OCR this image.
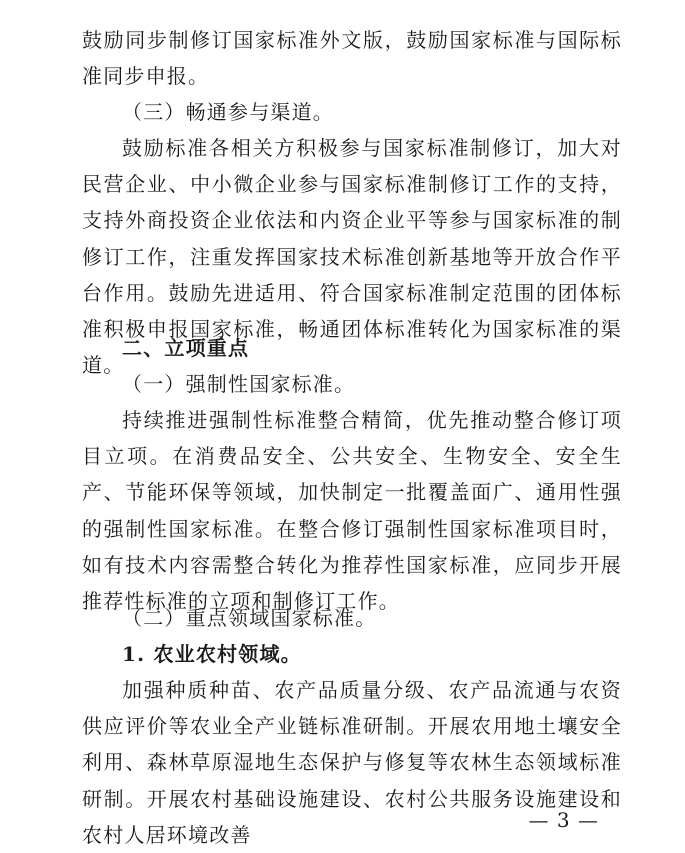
鼓励同步制修订国家标准外文版，鼓励国家标准与国际标准同步申报。

（三）畅通参与渠道。

鼓励标准各相关方积极参与国家标准制修订，加大对民营企业、中小微企业参与国家标准制修订工作的支持，支持外商投资企业依法和内资企业平等参与国家标准的制修订工作，注重发挥国家技术标准创新基地等开放合作平台作用。鼓励先进适用、符合国家标准制定范围的团体标准积极申报国家标准，畅通团体标准转化为国家标准的渠道。

二、立项重点

（一）强制性国家标准。

持续推进强制性标准整合精简，优先推动整合修订项目立项。在消费品安全、公共安全、生物安全、安全生产、节能环保等领域，加快制定一批覆盖面广、通用性强的强制性国家标准。在整合修订强制性国家标准项目时，如有技术内容需整合转化为推荐性国家标准，应同步开展推荐性标准的立项和制修订工作。

（二）重点领域国家标准。

1. 农业农村领域。

加强种质种苗、农产品质量分级、农产品流通与农资供应评价等农业全产业链标准研制。开展农用地土壤安全利用、森林草原湿地生态保护与修复等农林生态领域标准研制。开展农村基础设施建设、农村公共服务设施建设和农村人居环境改善

— 3 —
